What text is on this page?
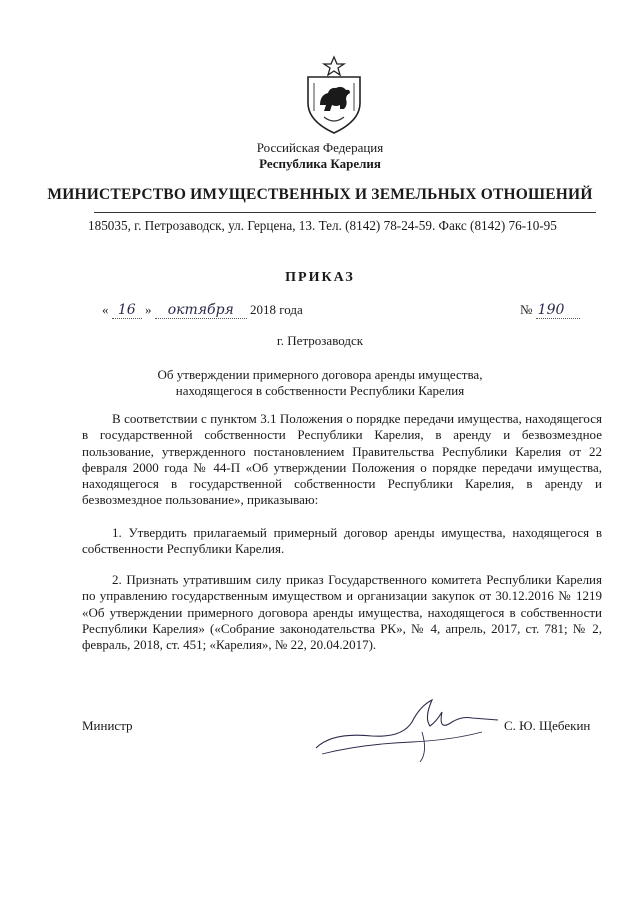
Российская Федерация
Республика Карелия
МИНИСТЕРСТВО ИМУЩЕСТВЕННЫХ И ЗЕМЕЛЬНЫХ ОТНОШЕНИЙ
185035, г. Петрозаводск, ул. Герцена, 13. Тел. (8142) 78-24-59. Факс (8142) 76-10-95
ПРИКАЗ
« 16 » октября 2018 года	№ 190
г. Петрозаводск
Об утверждении примерного договора аренды имущества,
находящегося в собственности Республики Карелия
В соответствии с пунктом 3.1 Положения о порядке передачи имущества, находящегося в государственной собственности Республики Карелия, в аренду и безвозмездное пользование, утвержденного постановлением Правительства Республики Карелия от 22 февраля 2000 года № 44-П «Об утверждении Положения о порядке передачи имущества, находящегося в государственной собственности Республики Карелия, в аренду и безвозмездное пользование», приказываю:
1. Утвердить прилагаемый примерный договор аренды имущества, находящегося в собственности Республики Карелия.
2. Признать утратившим силу приказ Государственного комитета Республики Карелия по управлению государственным имуществом и организации закупок от 30.12.2016 № 1219 «Об утверждении примерного договора аренды имущества, находящегося в собственности Республики Карелия» («Собрание законодательства РК», № 4, апрель, 2017, ст. 781; № 2, февраль, 2018, ст. 451; «Карелия», № 22, 20.04.2017).
Министр	С. Ю. Щебекин
